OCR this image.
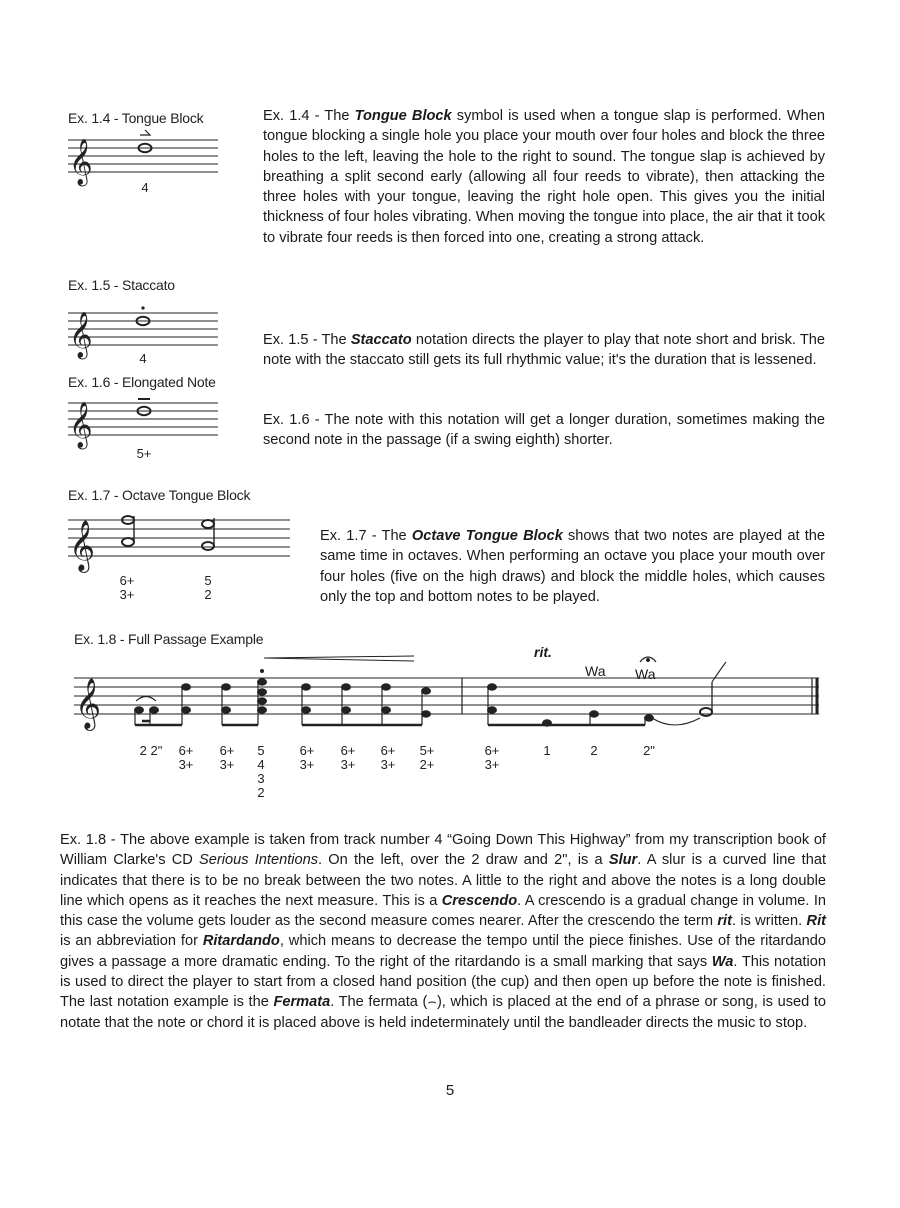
Ex. 1.4 - Tongue Block
𝄞
4
Ex. 1.4 - The Tongue Block symbol is used when a tongue slap is performed. When tongue blocking a single hole you place your mouth over four holes and block the three holes to the left, leaving the hole to the right to sound. The tongue slap is achieved by breathing a split second early (allowing all four reeds to vibrate), then attacking the three holes with your tongue, leaving the right hole open. This gives you the initial thickness of four holes vibrating. When moving the tongue into place, the air that it took to vibrate four reeds is then forced into one, creating a strong attack.
Ex. 1.5 - Staccato
𝄞
4
Ex. 1.5 - The Staccato notation directs the player to play that note short and brisk. The note with the staccato still gets its full rhythmic value; it's the duration that is lessened.
Ex. 1.6 - Elongated Note
𝄞
5+
Ex. 1.6 - The note with this notation will get a longer duration, sometimes making the second note in the passage (if a swing eighth) shorter.
Ex. 1.7 - Octave Tongue Block
𝄞
6+
3+
5
2
Ex. 1.7 - The Octave Tongue Block shows that two notes are played at the same time in octaves. When performing an octave you place your mouth over four holes (five on the high draws) and block the middle holes, which causes only the top and bottom notes to be played.
Ex. 1.8 - Full Passage Example
𝄞
rit.
Wa Wa
2 2"	6+
3+
6+
3+
5
4
3
2
6+
3+
6+
3+
6+
3+
5+
2+
6+
3+
1	2	2"
Ex. 1.8 - The above example is taken from track number 4 “Going Down This Highway” from my transcription book of William Clarke's CD Serious Intentions. On the left, over the 2 draw and 2", is a Slur. A slur is a curved line that indicates that there is to be no break between the two notes. A little to the right and above the notes is a long double line which opens as it reaches the next measure. This is a Crescendo. A crescendo is a gradual change in volume. In this case the volume gets louder as the second measure comes nearer. After the crescendo the term rit. is written. Rit is an abbreviation for Ritardando, which means to decrease the tempo until the piece finishes. Use of the ritardando gives a passage a more dramatic ending. To the right of the ritardando is a small marking that says Wa. This notation is used to direct the player to start from a closed hand position (the cup) and then open up before the note is finished. The last notation example is the Fermata. The fermata (⌢), which is placed at the end of a phrase or song, is used to notate that the note or chord it is placed above is held indeterminately until the bandleader directs the music to stop.
5
